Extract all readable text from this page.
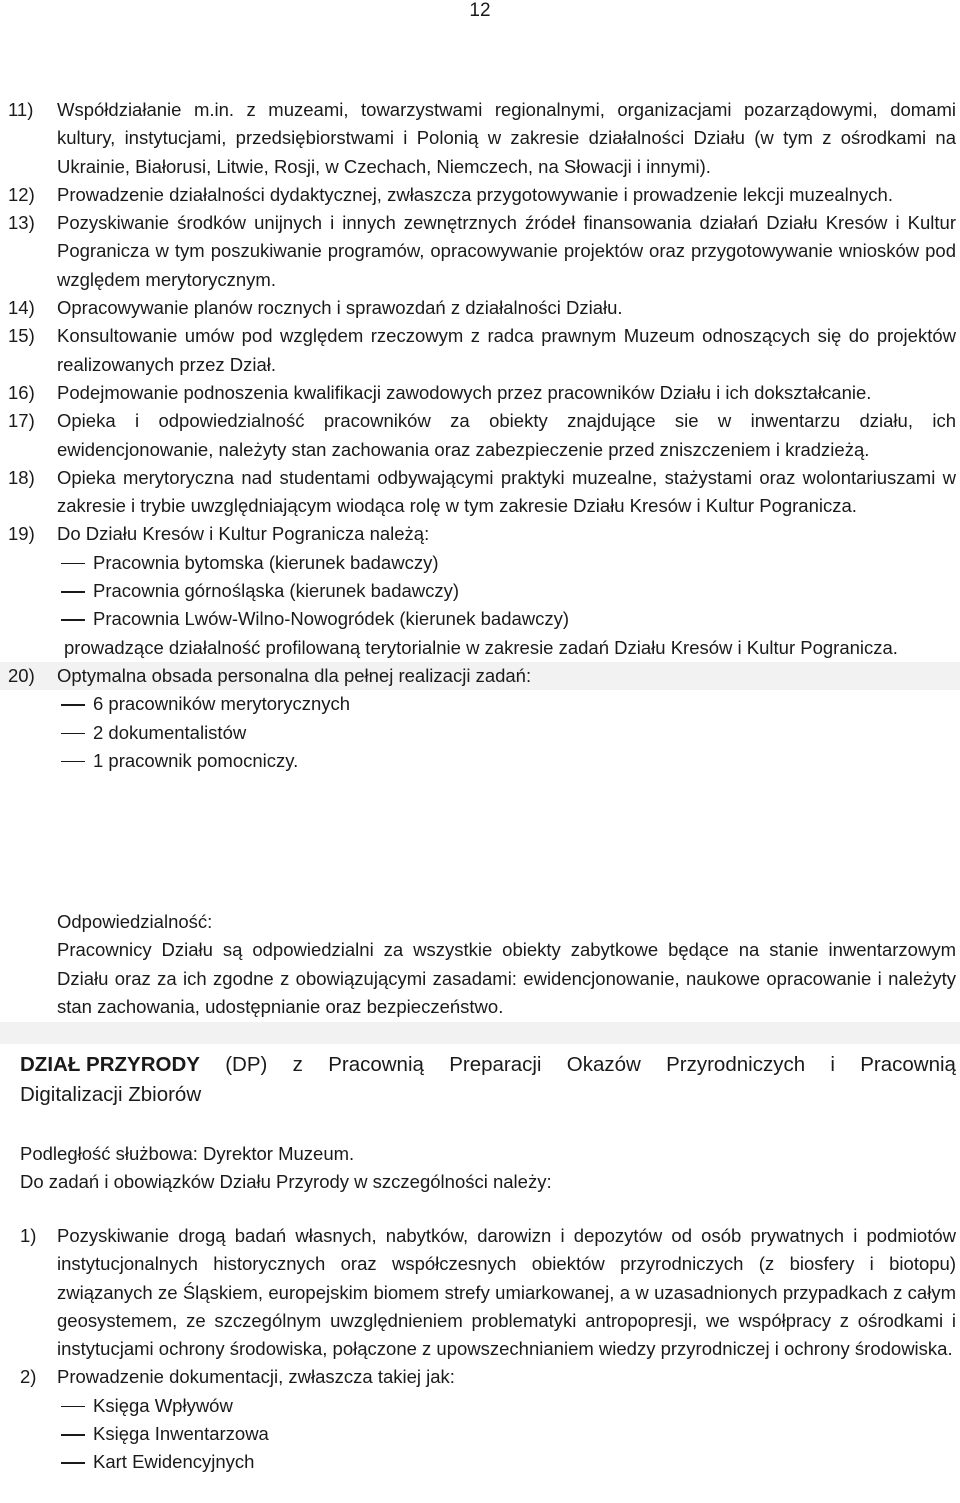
12
11) Współdziałanie m.in. z muzeami, towarzystwami regionalnymi, organizacjami pozarządowymi, domami kultury, instytucjami, przedsiębiorstwami i Polonią w zakresie działalności Działu (w tym z ośrodkami na Ukrainie, Białorusi, Litwie, Rosji, w Czechach, Niemczech, na Słowacji i innymi).
12) Prowadzenie działalności dydaktycznej, zwłaszcza przygotowywanie i prowadzenie lekcji muzealnych.
13) Pozyskiwanie środków unijnych i innych zewnętrznych źródeł finansowania działań Działu Kresów i Kultur Pogranicza w tym poszukiwanie programów, opracowywanie projektów oraz przygotowywanie wniosków pod względem merytorycznym.
14) Opracowywanie planów rocznych i sprawozdań z działalności Działu.
15) Konsultowanie umów pod względem rzeczowym z radca prawnym Muzeum odnoszących się do projektów realizowanych przez Dział.
16) Podejmowanie podnoszenia kwalifikacji zawodowych przez pracowników Działu i ich dokształcanie.
17) Opieka i odpowiedzialność pracowników za obiekty znajdujące sie w inwentarzu działu, ich ewidencjonowanie, należyty stan zachowania oraz zabezpieczenie przed zniszczeniem i kradzieżą.
18) Opieka merytoryczna nad studentami odbywającymi praktyki muzealne, stażystami oraz wolontariuszami w zakresie i trybie uwzględniającym wiodąca rolę w tym zakresie Działu Kresów i Kultur Pogranicza.
19) Do Działu Kresów i Kultur Pogranicza należą:
Pracownia bytomska (kierunek badawczy)
Pracownia górnośląska (kierunek badawczy)
Pracownia Lwów-Wilno-Nowogródek (kierunek badawczy)
prowadzące działalność profilowaną terytorialnie w zakresie zadań Działu Kresów i Kultur Pogranicza.
20) Optymalna obsada personalna dla pełnej realizacji zadań:
6 pracowników merytorycznych
2 dokumentalistów
1 pracownik pomocniczy.
Odpowiedzialność:
Pracownicy Działu są odpowiedzialni za wszystkie obiekty zabytkowe będące na stanie inwentarzowym Działu oraz za ich zgodne z obowiązującymi zasadami: ewidencjonowanie, naukowe opracowanie i należyty stan zachowania, udostępnianie oraz bezpieczeństwo.
DZIAŁ PRZYRODY (DP) z Pracownią Preparacji Okazów Przyrodniczych i Pracownią
Digitalizacji Zbiorów
Podległość służbowa: Dyrektor Muzeum.
Do zadań i obowiązków Działu Przyrody w szczególności należy:
1) Pozyskiwanie drogą badań własnych, nabytków, darowizn i depozytów od osób prywatnych i podmiotów instytucjonalnych historycznych oraz współczesnych obiektów przyrodniczych (z biosfery i biotopu) związanych ze Śląskiem, europejskim biomem strefy umiarkowanej, a w uzasadnionych przypadkach z całym geosystemem, ze szczególnym uwzględnieniem problematyki antropopresji, we współpracy z ośrodkami i instytucjami ochrony środowiska, połączone z upowszechnianiem wiedzy przyrodniczej i ochrony środowiska.
2) Prowadzenie dokumentacji, zwłaszcza takiej jak:
Księga Wpływów
Księga Inwentarzowa
Kart Ewidencyjnych
